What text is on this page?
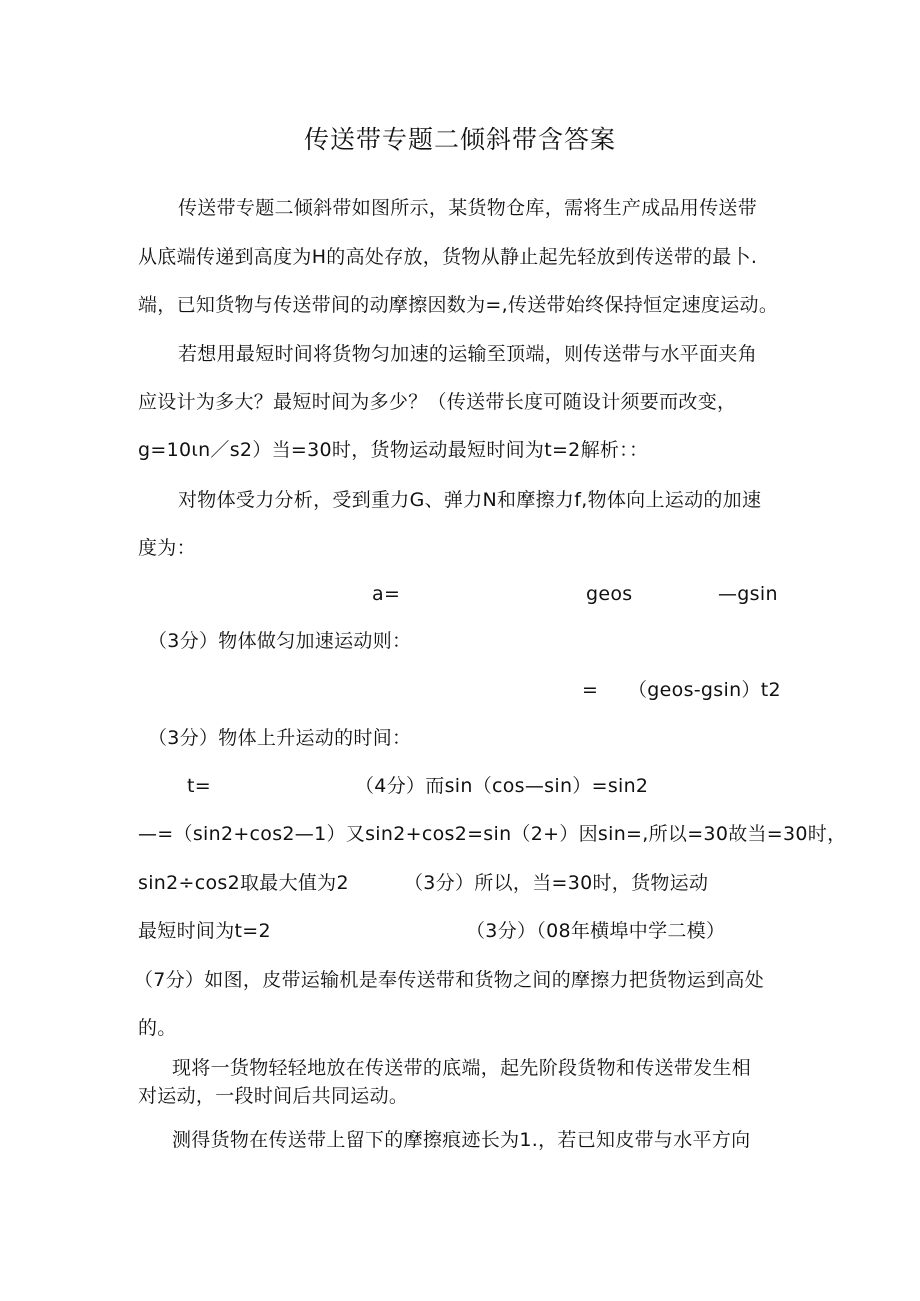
传送带专题二倾斜带含答案
传送带专题二倾斜带如图所示，某货物仓库，需将生产成品用传送带
从底端传递到高度为H的高处存放，货物从静止起先轻放到传送带的最卜.
端，已知货物与传送带间的动摩擦因数为=,传送带始终保持恒定速度运动。
若想用最短时间将货物匀加速的运输至顶端，则传送带与水平面夹角
应设计为多大？最短时间为多少？（传送带长度可随设计须要而改变，
g=10ιn／s2）当=30时，货物运动最短时间为t=2解析：：
对物体受力分析，受到重力G、弹力N和摩擦力f,物体向上运动的加速
度为：
a=	geos	—gsin
（3分）物体做匀加速运动则：
= （geos-gsin）t2
（3分）物体上升运动的时间：
t=	（4分）而sin（cos—sin）=sin2
—=（sin2+cos2—1）又sin2+cos2=sin（2+）因sin=,所以=30故当=30时，
sin2÷cos2取最大值为2	（3分）所以，当=30时，货物运动
最短时间为t=2	（3分）（08年横埠中学二模）
（7分）如图，皮带运输机是奉传送带和货物之间的摩擦力把货物运到高处
的。
现将一货物轻轻地放在传送带的底端，起先阶段货物和传送带发生相
对运动，一段时间后共同运动。
测得货物在传送带上留下的摩擦痕迹长为1.，若已知皮带与水平方向
